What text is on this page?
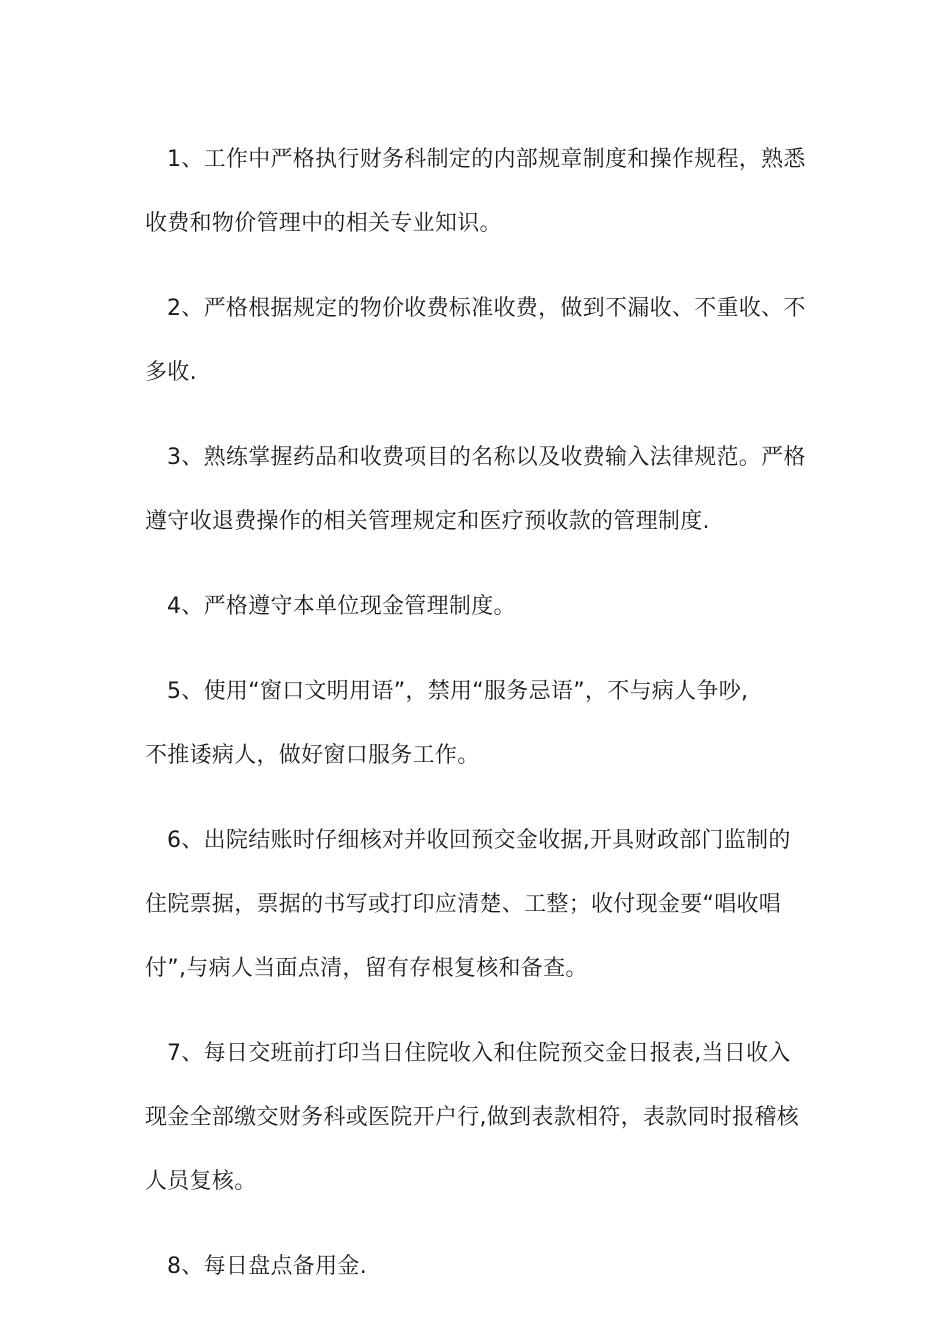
1、工作中严格执行财务科制定的内部规章制度和操作规程，熟悉
收费和物价管理中的相关专业知识。

2、严格根据规定的物价收费标准收费，做到不漏收、不重收、不
多收.

3、熟练掌握药品和收费项目的名称以及收费输入法律规范。严格
遵守收退费操作的相关管理规定和医疗预收款的管理制度.

4、严格遵守本单位现金管理制度。

5、使用“窗口文明用语”，禁用“服务忌语”，不与病人争吵,
不推诿病人，做好窗口服务工作。

6、出院结账时仔细核对并收回预交金收据,开具财政部门监制的
住院票据，票据的书写或打印应清楚、工整；收付现金要“唱收唱
付”,与病人当面点清，留有存根复核和备查。

7、每日交班前打印当日住院收入和住院预交金日报表,当日收入
现金全部缴交财务科或医院开户行,做到表款相符，表款同时报稽核
人员复核。

8、每日盘点备用金.
